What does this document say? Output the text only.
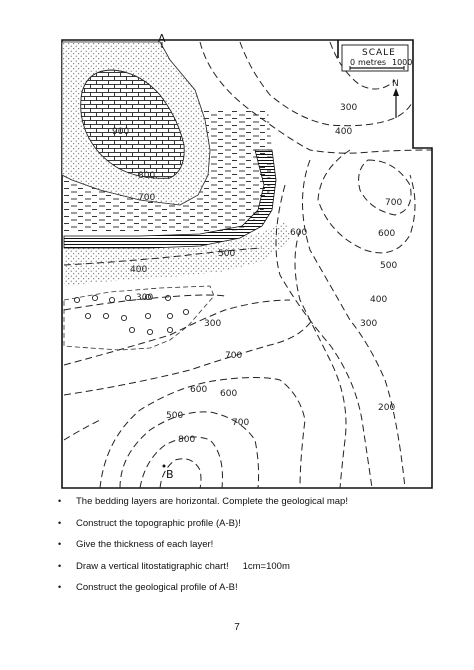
SCALE
0 metres 1000
N
A
B
300
400
600
700
800
900
700
600
500
400
300
200
500
700
600
500
600
700
800
400
300
300
• The bedding layers are horizontal. Complete the geological map!
• Construct the topographic profile (A-B)!
• Give the thickness of each layer!
• Draw a vertical litostatigraphic chart! 1cm=100m
• Construct the geological profile of A-B!
7
